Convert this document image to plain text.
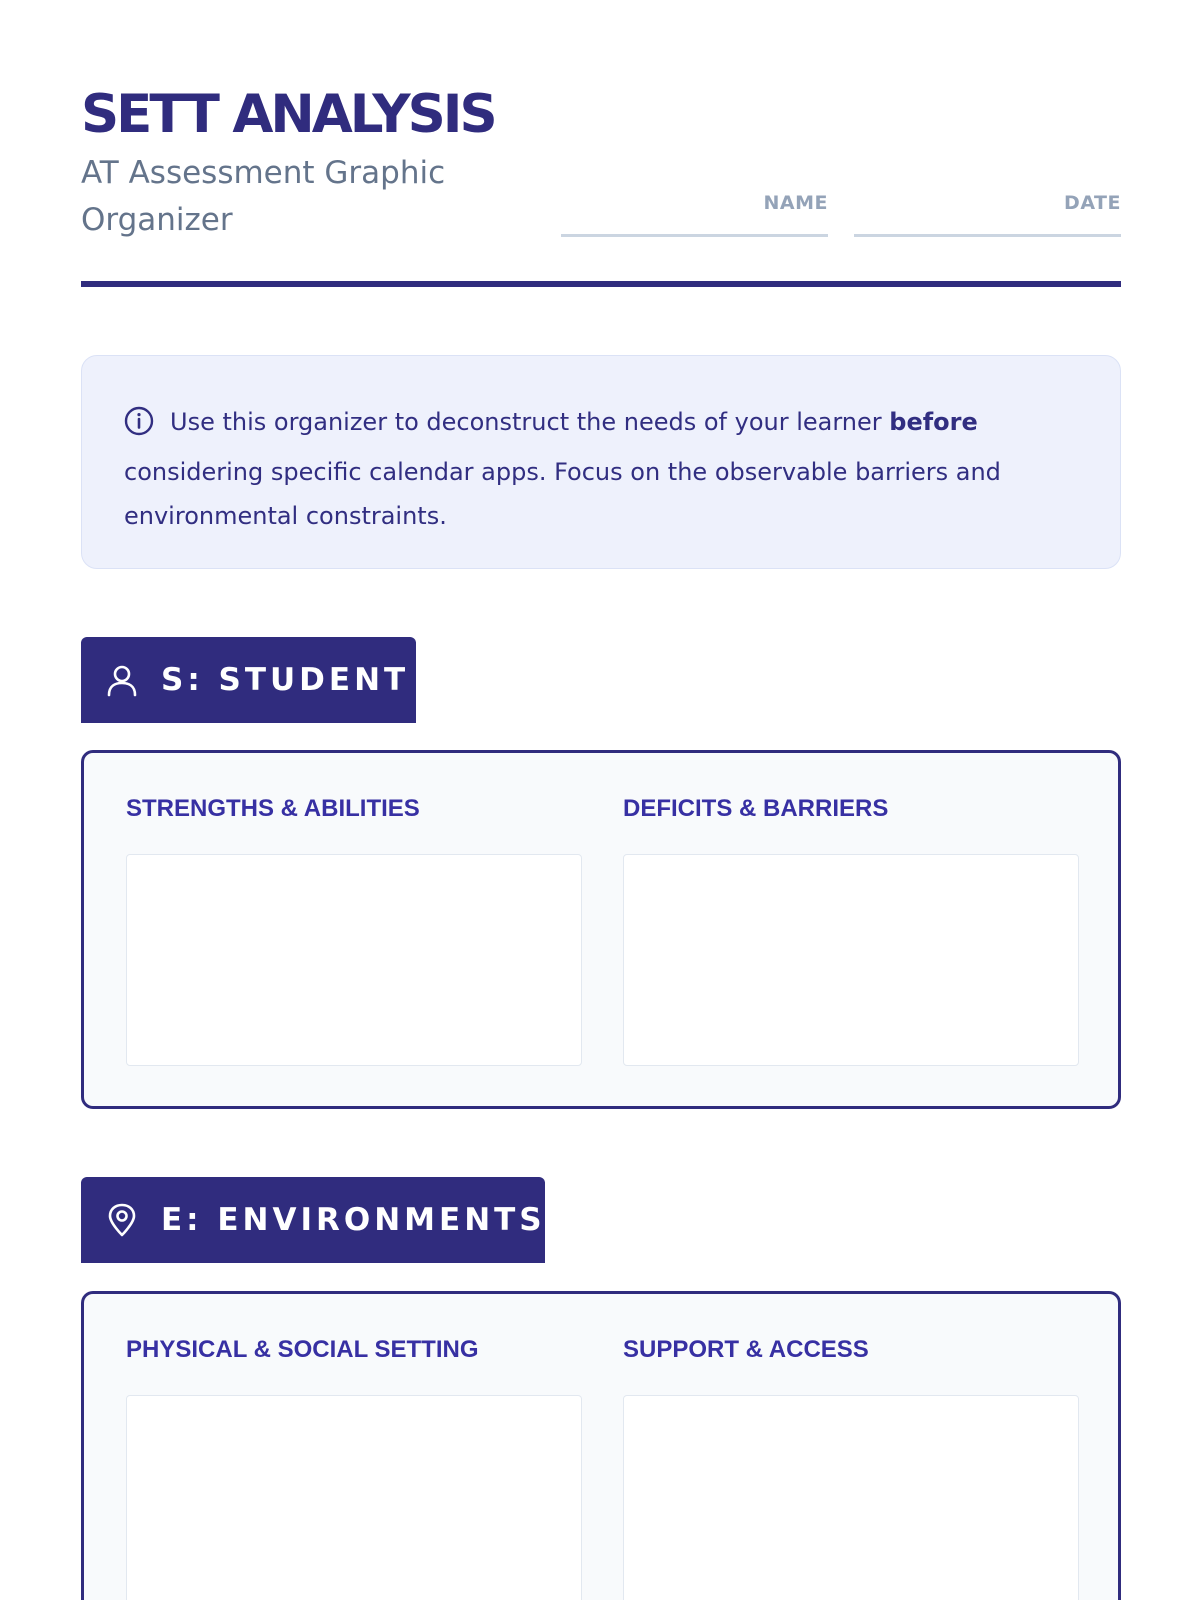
SETT ANALYSIS
AT Assessment Graphic Organizer	NAME	DATE
Use this organizer to deconstruct the needs of your learner before considering specific calendar apps. Focus on the observable barriers and environmental constraints.
S: STUDENT
STRENGTHS & ABILITIES	DEFICITS & BARRIERS
E: ENVIRONMENTS
PHYSICAL & SOCIAL SETTING	SUPPORT & ACCESS
